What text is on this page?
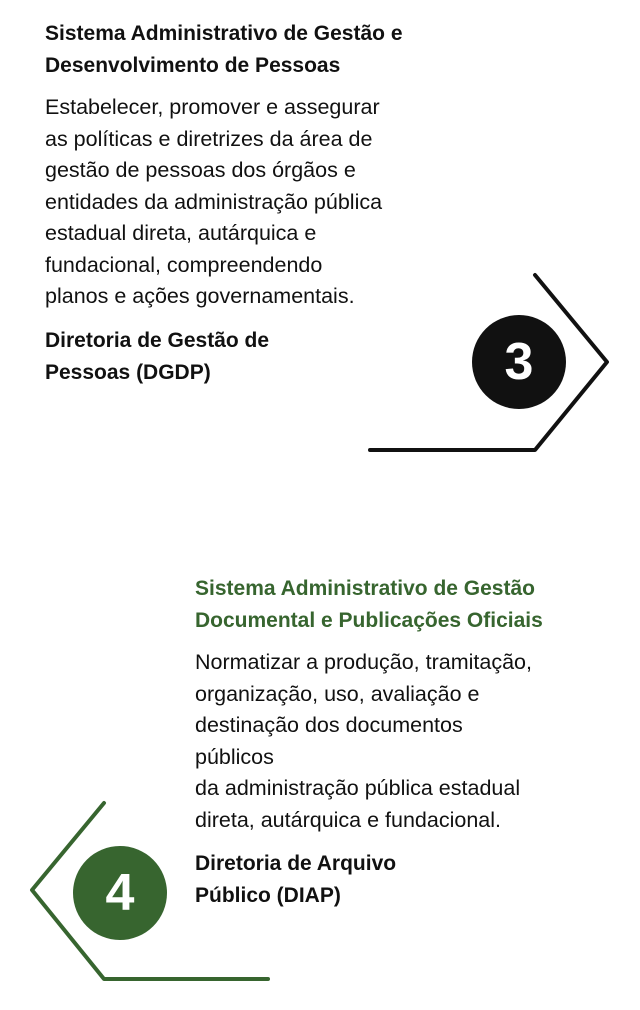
3
4
Sistema Administrativo de Gestão e Desenvolvimento de Pessoas

Estabelecer, promover e assegurar
as políticas e diretrizes da área de
gestão de pessoas dos órgãos e
entidades da administração pública
estadual direta, autárquica e
fundacional, compreendendo
planos e ações governamentais.

Diretoria de Gestão de
Pessoas (DGDP)

Sistema Administrativo de Gestão Documental e Publicações Oficiais

Normatizar a produção, tramitação,
organização, uso, avaliação e
destinação dos documentos
públicos
da administração pública estadual
direta, autárquica e fundacional.

Diretoria de Arquivo
Público (DIAP)
